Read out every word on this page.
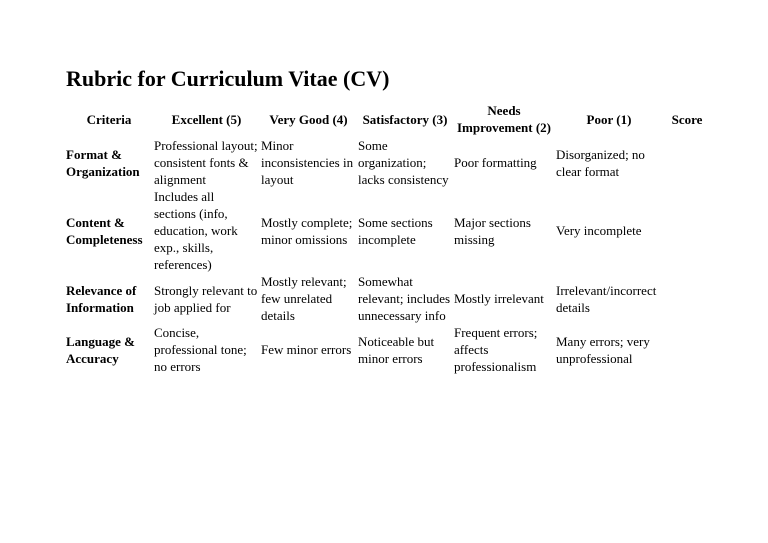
Rubric for Curriculum Vitae (CV)
Criteria	Excellent (5)	Very Good (4)	Satisfactory (3)	Needs Improvement (2)	Poor (1)	Score
Format & Organization	Professional layout; consistent fonts & alignment	Minor inconsistencies in layout	Some organization; lacks consistency	Poor formatting	Disorganized; no clear format	
Content & Completeness	Includes all sections (info, education, work exp., skills, references)	Mostly complete; minor omissions	Some sections incomplete	Major sections missing	Very incomplete	
Relevance of Information	Strongly relevant to job applied for	Mostly relevant; few unrelated details	Somewhat relevant; includes unnecessary info	Mostly irrelevant	Irrelevant/incorrect details	
Language & Accuracy	Concise, professional tone; no errors	Few minor errors	Noticeable but minor errors	Frequent errors; affects professionalism	Many errors; very unprofessional	
